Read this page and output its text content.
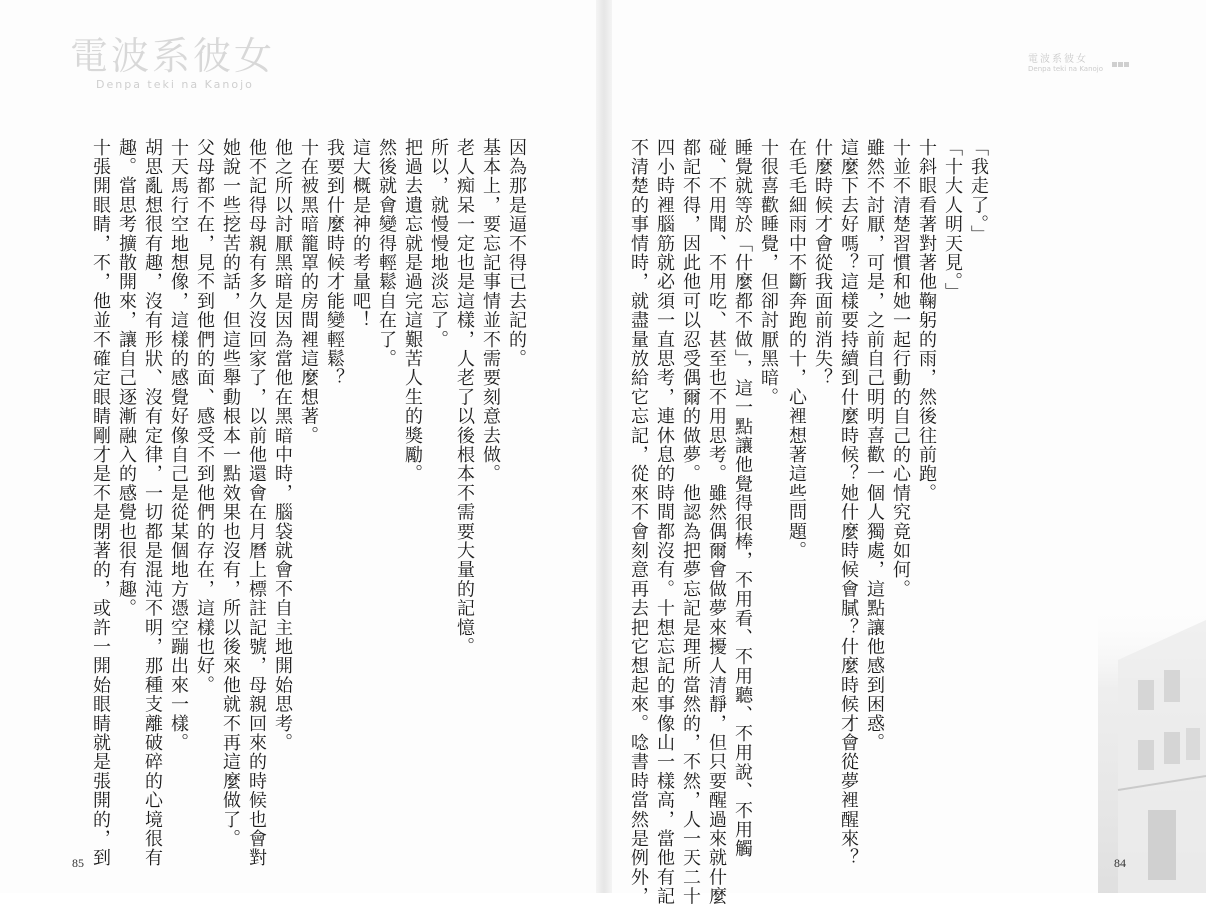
電波系彼女
Denpa teki na Kanojo
電波系彼女
Denpa teki na Kanojo
「我走了。」
「十大人明天見。」
十斜眼看著對著他鞠躬的雨，然後往前跑。
十並不清楚習慣和她一起行動的自己的心情究竟如何。
雖然不討厭，可是，之前自己明明喜歡一個人獨處，這點讓他感到困惑。
這麼下去好嗎？這樣要持續到什麼時候？她什麼時候會膩？什麼時候才會從夢裡醒來？
什麼時候才會從我面前消失？
在毛毛細雨中不斷奔跑的十，心裡想著這些問題。
十很喜歡睡覺，但卻討厭黑暗。
睡覺就等於「什麼都不做」，這一點讓他覺得很棒，不用看、不用聽、不用說、不用觸
碰、不用聞、不用吃、甚至也不用思考。雖然偶爾會做夢來擾人清靜，但只要醒過來就什麼
都記不得，因此他可以忍受偶爾的做夢。他認為把夢忘記是理所當然的，不然，人一天二十
四小時裡腦筋就必須一直思考，連休息的時間都沒有。十想忘記的事像山一樣高，當他有記
不清楚的事情時，就盡量放給它忘記，從來不會刻意再去把它想起來。唸書時當然是例外，
因為那是逼不得已去記的。
基本上，要忘記事情並不需要刻意去做。
老人痴呆一定也是這樣，人老了以後根本不需要大量的記憶。
所以，就慢慢地淡忘了。
把過去遺忘就是過完這艱苦人生的獎勵。
然後就會變得輕鬆自在了。
這大概是神的考量吧！
我要到什麼時候才能變輕鬆？
十在被黑暗籠罩的房間裡這麼想著。
他之所以討厭黑暗是因為當他在黑暗中時，腦袋就會不自主地開始思考。
他不記得母親有多久沒回家了，以前他還會在月曆上標註記號，母親回來的時候也會對
她說一些挖苦的話，但這些舉動根本一點效果也沒有，所以後來他就不再這麼做了。
父母都不在，見不到他們的面、感受不到他們的存在，這樣也好。
十天馬行空地想像，這樣的感覺好像自己是從某個地方憑空蹦出來一樣。
胡思亂想很有趣，沒有形狀、沒有定律，一切都是混沌不明，那種支離破碎的心境很有
趣。當思考擴散開來，讓自己逐漸融入的感覺也很有趣。
十張開眼睛，不，他並不確定眼睛剛才是不是閉著的，或許一開始眼睛就是張開的，到
85	84
